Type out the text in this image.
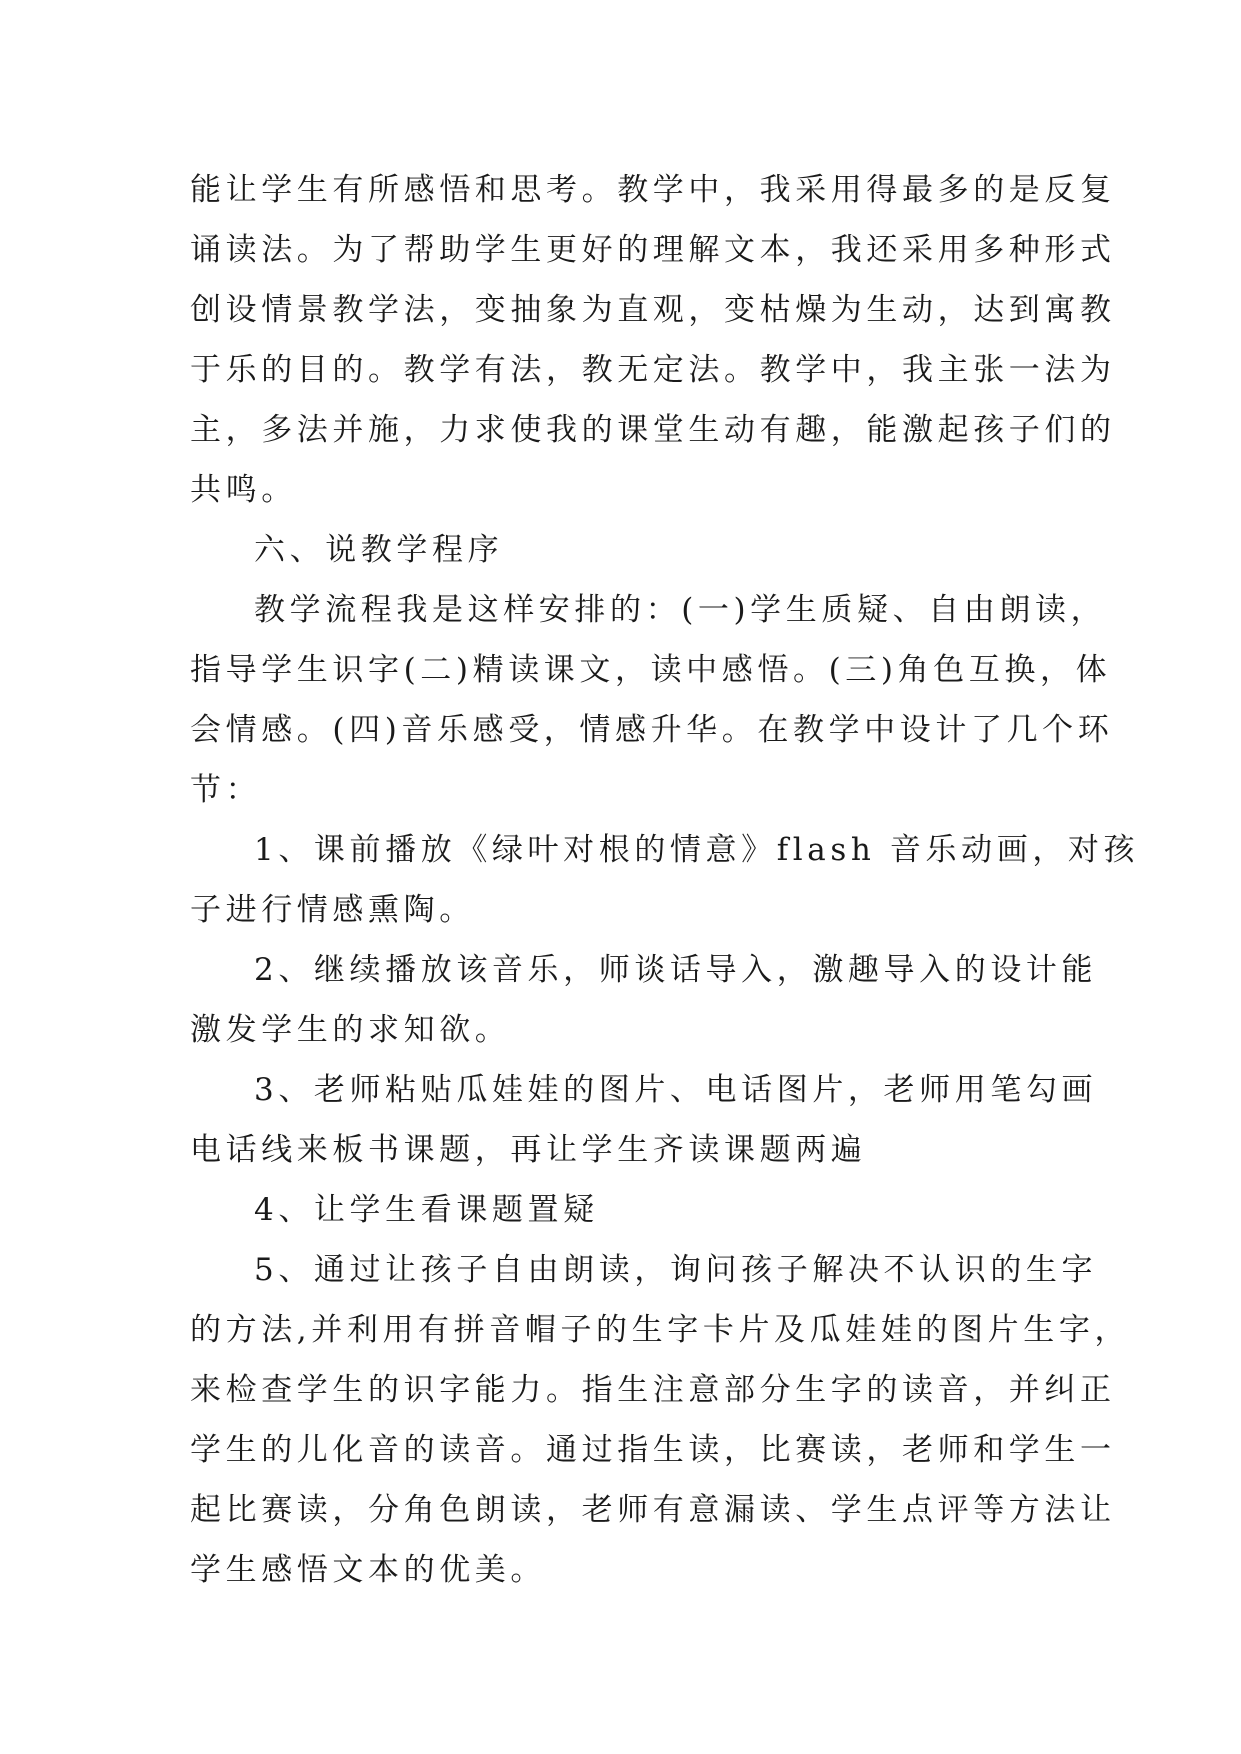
能让学生有所感悟和思考。教学中，我采用得最多的是反复
诵读法。为了帮助学生更好的理解文本，我还采用多种形式
创设情景教学法，变抽象为直观，变枯燥为生动，达到寓教
于乐的目的。教学有法，教无定法。教学中，我主张一法为
主，多法并施，力求使我的课堂生动有趣，能激起孩子们的
共鸣。
六、说教学程序
教学流程我是这样安排的：(一)学生质疑、自由朗读，
指导学生识字(二)精读课文，读中感悟。(三)角色互换，体
会情感。(四)音乐感受，情感升华。在教学中设计了几个环
节：
1、课前播放《绿叶对根的情意》flash 音乐动画，对孩
子进行情感熏陶。
2、继续播放该音乐，师谈话导入，激趣导入的设计能
激发学生的求知欲。
3、老师粘贴瓜娃娃的图片、电话图片，老师用笔勾画
电话线来板书课题，再让学生齐读课题两遍
4、让学生看课题置疑
5、通过让孩子自由朗读，询问孩子解决不认识的生字
的方法,并利用有拼音帽子的生字卡片及瓜娃娃的图片生字，
来检查学生的识字能力。指生注意部分生字的读音，并纠正
学生的儿化音的读音。通过指生读，比赛读，老师和学生一
起比赛读，分角色朗读，老师有意漏读、学生点评等方法让
学生感悟文本的优美。
